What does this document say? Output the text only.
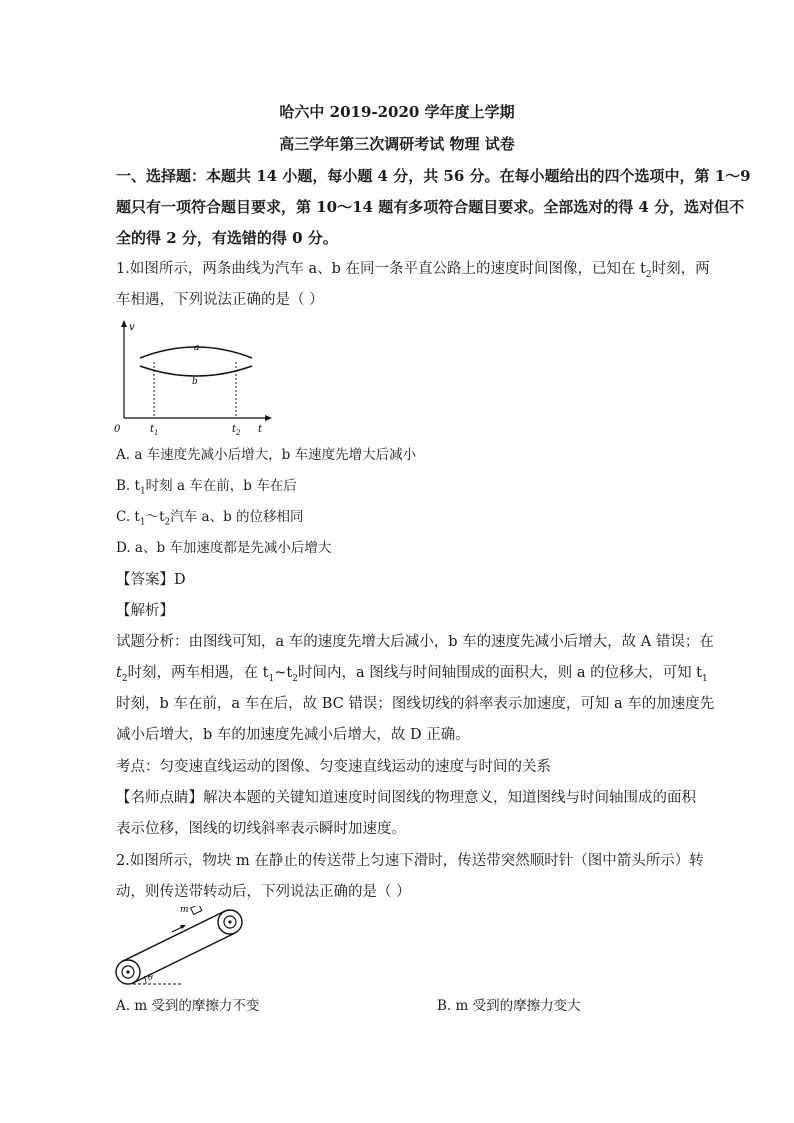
哈六中 2019-2020 学年度上学期
高三学年第三次调研考试 物理 试卷
一、选择题：本题共 14 小题，每小题 4 分，共 56 分。在每小题给出的四个选项中，第 1～9
题只有一项符合题目要求，第 10～14 题有多项符合题目要求。全部选对的得 4 分，选对但不
全的得 2 分，有选错的得 0 分。
1.如图所示，两条曲线为汽车 a、b 在同一条平直公路上的速度时间图像，已知在 $t_2$时刻，两
车相遇，下列说法正确的是（ ）
v
t
0
a
b
$t_1$	$t_2$
A. a 车速度先减小后增大，b 车速度先增大后减小
B. $t_1$时刻 a 车在前，b 车在后
C. $t_1\sim t_2$汽车 a、b 的位移相同
D. a、b 车加速度都是先减小后增大
【答案】D
【解析】
试题分析：由图线可知，a 车的速度先增大后减小，b 车的速度先减小后增大，故 A 错误；在
$t_2$时刻，两车相遇，在 $t_1\sim t_2$时间内，a 图线与时间轴围成的面积大，则 a 的位移大，可知 $t_1$
时刻，b 车在前，a 车在后，故 BC 错误；图线切线的斜率表示加速度，可知 a 车的加速度先
减小后增大，b 车的加速度先减小后增大，故 D 正确。
考点：匀变速直线运动的图像、匀变速直线运动的速度与时间的关系
【名师点睛】解决本题的关键知道速度时间图线的物理意义，知道图线与时间轴围成的面积
表示位移，图线的切线斜率表示瞬时加速度。
2.如图所示，物块 m 在静止的传送带上匀速下滑时，传送带突然顺时针（图中箭头所示）转
动，则传送带转动后，下列说法正确的是（ ）
m
θ
A. m 受到的摩擦力不变	B. m 受到的摩擦力变大
